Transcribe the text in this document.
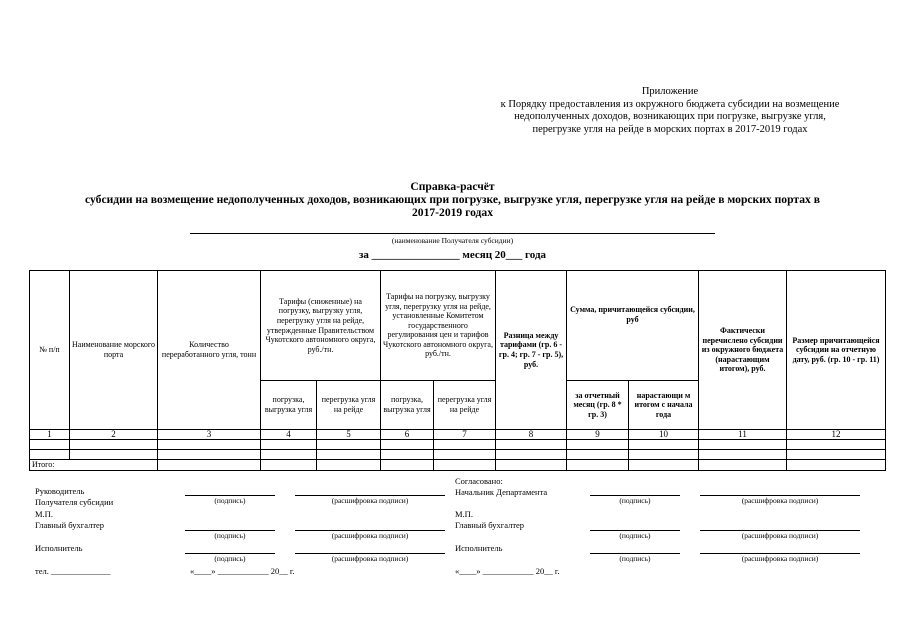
Приложение
к Порядку предоставления из окружного бюджета субсидии на возмещение
недополученных доходов, возникающих при погрузке, выгрузке угля,
перегрузке угля на рейде в морских портах в 2017-2019 годах
Справка-расчёт
субсидии на возмещение недополученных доходов, возникающих при погрузке, выгрузке угля, перегрузке угля на рейде в морских портах в
2017-2019 годах
(наименование Получателя субсидии)
за ________________ месяц 20___ года
№ п/п	Наименование морского порта	Количество переработанного угля, тонн	Тарифы (сниженные) на погрузку, выгрузку угля, перегрузку угля на рейде, утвержденные Правительством Чукотского автономного округа, руб./тн.		Тарифы на погрузку, выгрузку угля, перегрузку угля на рейде, установленные Комитетом государственного регулирования цен и тарифов Чукотского автономного округа, руб./тн.		Разница между тарифами (гр. 6 - гр. 4; гр. 7 - гр. 5), руб.	Сумма, причитающейся субсидии, руб		Фактически перечислено субсидии из окружного бюджета (нарастающим итогом), руб.	Размер причитающейся субсидии на отчетную дату, руб. (гр. 10 - гр. 11)
			погрузка, выгрузка угля	перегрузка угля на рейде	погрузка, выгрузка угля	перегрузка угля на рейде		за отчетный месяц (гр. 8 * гр. 3)	нарастающи м итогом с начала года		
1	2	3	4	5	6	7	8	9	10	11	12

Итого:											
Руководитель
Получателя субсидии	(подпись)	(расшифровка подписи)
М.П.
Главный бухгалтер
(подпись)	(расшифровка подписи)
Исполнитель
(подпись)	(расшифровка подписи)
тел. ______________	«____» ____________ 20__ г.
Согласовано:
Начальник Департамента
(подпись)	(расшифровка подписи)
М.П.
Главный бухгалтер
(подпись)	(расшифровка подписи)
Исполнитель
(подпись)	(расшифровка подписи)
«____» ____________ 20__ г.
